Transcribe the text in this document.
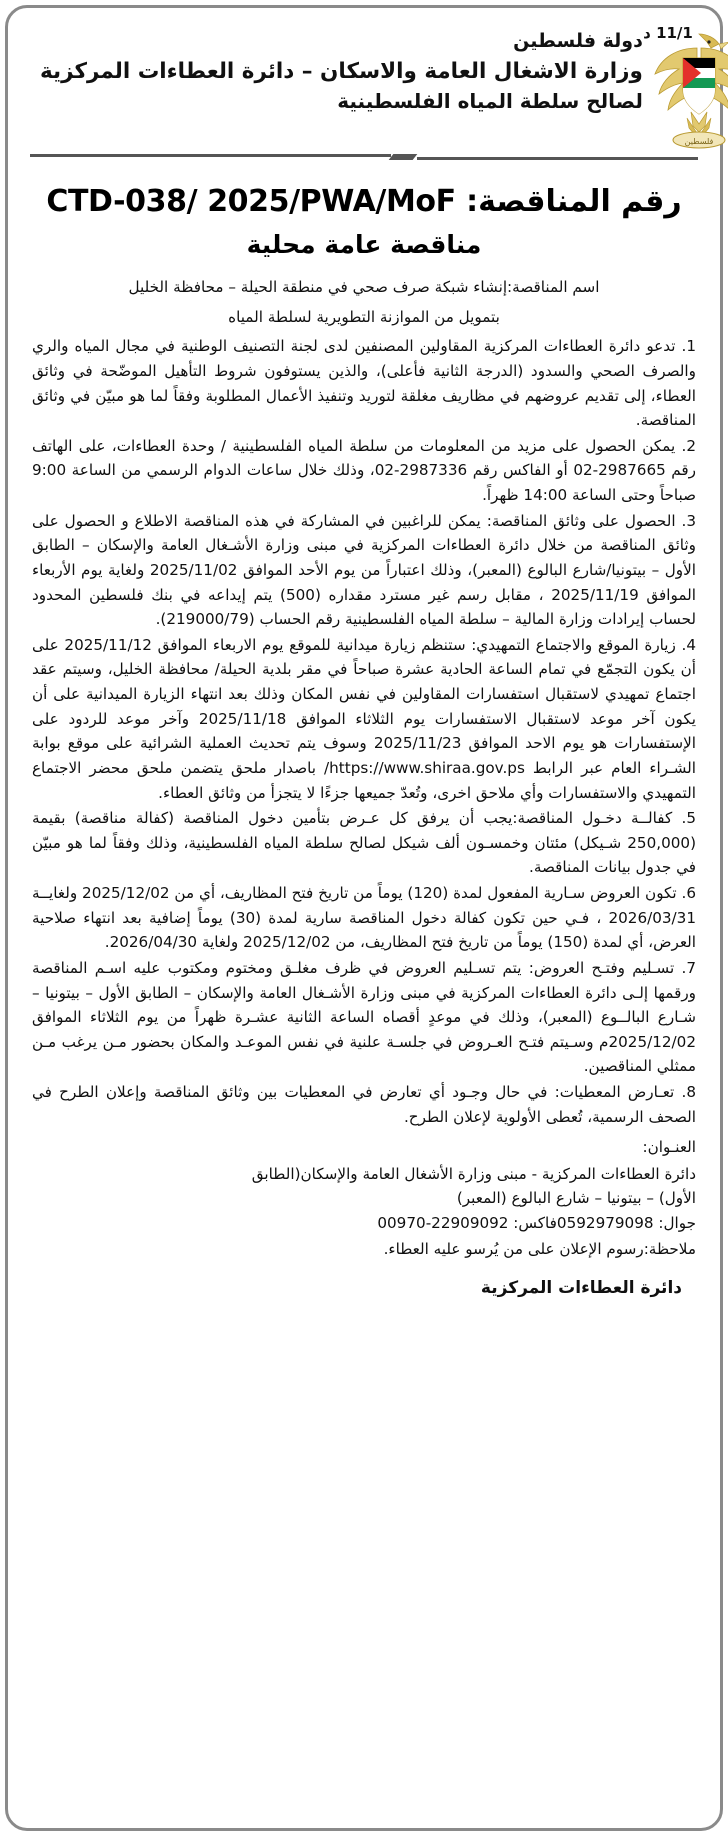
دولة فلسطين
وزارة الاشغال العامة والاسكان – دائرة العطاءات المركزية
لصالح سلطة المياه الفلسطينية
11/1 د
فلسطين
رقم المناقصة: CTD-038/ 2025/PWA/MoF
مناقصة عامة محلية

اسم المناقصة:إنشاء شبكة صرف صحي في منطقة الحيلة – محافظة الخليل

بتمويل من الموازنة التطويرية لسلطة المياه

1. تدعو دائرة العطاءات المركزية المقاولين المصنفين لدى لجنة التصنيف الوطنية في مجال المياه والري والصرف الصحي والسدود (الدرجة الثانية فأعلى)، والذين يستوفون شروط التأهيل الموضّحة في وثائق العطاء، إلى تقديم عروضهم في مظاريف مغلقة لتوريد وتنفيذ الأعمال المطلوبة وفقاً لما هو مبيّن في وثائق المناقصة.

2. يمكن الحصول على مزيد من المعلومات من سلطة المياه الفلسطينية / وحدة العطاءات، على الهاتف رقم 2987665-02 أو الفاكس رقم 2987336-02، وذلك خلال ساعات الدوام الرسمي من الساعة 9:00 صباحاً وحتى الساعة 14:00 ظهراً.

3. الحصول على وثائق المناقصة: يمكن للراغبين في المشاركة في هذه المناقصة الاطلاع و الحصول على وثائق المناقصة من خلال دائرة العطاءات المركزية في مبنى وزارة الأشـغال العامة والإسكان – الطابق الأول – بيتونيا/شارع البالوع (المعبر)، وذلك اعتباراً من يوم الأحد الموافق 2025/11/02 ولغاية يوم الأربعاء الموافق 2025/11/19 ، مقابل رسم غير مسترد مقداره (500) يتم إيداعه في بنك فلسطين المحدود لحساب إيرادات وزارة المالية – سلطة المياه الفلسطينية رقم الحساب (219000/79).

4. زيارة الموقع والاجتماع التمهيدي: ستنظم زيارة ميدانية للموقع يوم الاربعاء الموافق 2025/11/12 على أن يكون التجمّع في تمام الساعة الحادية عشرة صباحاً في مقر بلدية الحيلة/ محافظة الخليل، وسيتم عقد اجتماع تمهيدي لاستقبال استفسارات المقاولين في نفس المكان وذلك بعد انتهاء الزيارة الميدانية على أن يكون آخر موعد لاستقبال الاستفسارات يوم الثلاثاء الموافق 2025/11/18 وآخر موعد للردود على الإستفسارات هو يوم الاحد الموافق 2025/11/23 وسوف يتم تحديث العملية الشرائية على موقع بوابة الشـراء العام عبر الرابط https://www.shiraa.gov.ps/ باصدار ملحق يتضمن ملحق محضر الاجتماع التمهيدي والاستفسارات وأي ملاحق اخرى، وتُعدّ جميعها جزءًا لا يتجزأ من وثائق العطاء.

5. كفالــة دخـول المناقصة:يجب أن يرفق كل عـرض بتأمين دخول المناقصة (كفالة مناقصة) بقيمة (250,000 شـيكل) مئتان وخمسـون ألف شيكل لصالح سلطة المياه الفلسطينية، وذلك وفقاً لما هو مبيّن في جدول بيانات المناقصة.

6. تكون العروض سـارية المفعول لمدة (120) يوماً من تاريخ فتح المظاريف، أي من 2025/12/02 ولغايــة 2026/03/31 ، فـي حين تكون كفالة دخول المناقصة سارية لمدة (30) يوماً إضافية بعد انتهاء صلاحية العرض، أي لمدة (150) يوماً من تاريخ فتح المظاريف، من 2025/12/02 ولغاية 2026/04/30.

7. تسـليم وفتـح العروض: يتم تسـليم العروض في ظرف مغلـق ومختوم ومكتوب عليه اسـم المناقصة ورقمها إلـى دائرة العطاءات المركزية في مبنى وزارة الأشـغال العامة والإسكان – الطابق الأول – بيتونيا – شـارع البالــوع (المعبر)، وذلك في موعدٍ أقصاه الساعة الثانية عشـرة ظهراً من يوم الثلاثاء الموافق 2025/12/02م وسـيتم فتـح العـروض في جلسـة علنية في نفس الموعـد والمكان بحضور مـن يرغب مـن ممثلي المناقصين.

8. تعـارض المعطيات: في حال وجـود أي تعارض في المعطيات بين وثائق المناقصة وإعلان الطرح في الصحف الرسمية، تُعطى الأولوية لإعلان الطرح.

العنـوان:

دائرة العطاءات المركزية - مبنى وزارة الأشغال العامة والإسكان(الطابق

الأول) – بيتونيا – شارع البالوع (المعبر)

جوال: 0592979098فاكس: 22909092-00970

ملاحظة:رسوم الإعلان على من يُرسو عليه العطاء.
دائرة العطاءات المركزية
